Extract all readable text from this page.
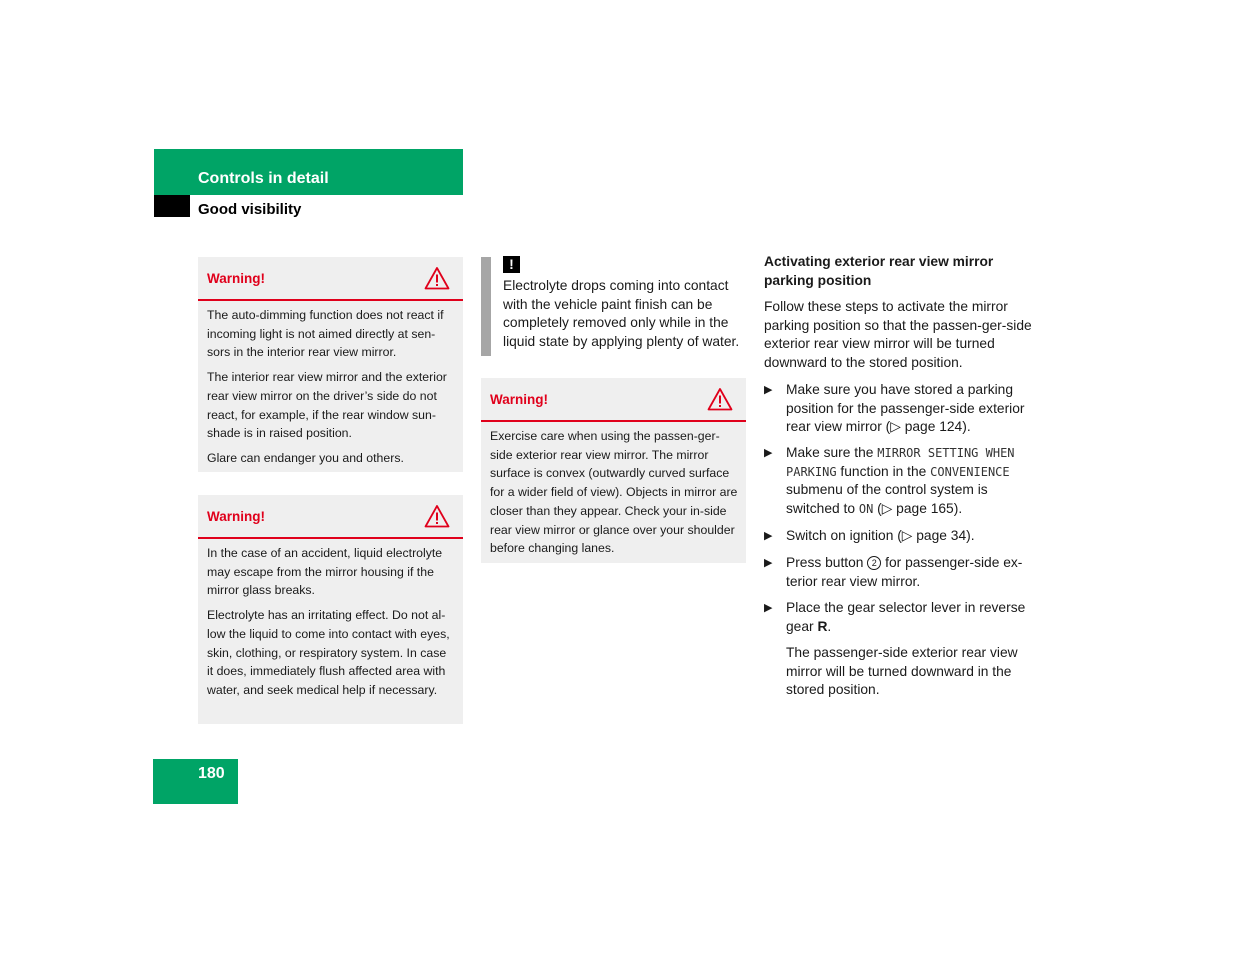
Controls in detail
Good visibility
Warning!

The auto-dimming function does not react if incoming light is not aimed directly at sen-sors in the interior rear view mirror.

The interior rear view mirror and the exterior rear view mirror on the driver’s side do not react, for example, if the rear window sun-shade is in raised position.

Glare can endanger you and others.

Warning!

In the case of an accident, liquid electrolyte may escape from the mirror housing if the mirror glass breaks.

Electrolyte has an irritating effect. Do not al-low the liquid to come into contact with eyes, skin, clothing, or respiratory system. In case it does, immediately flush affected area with water, and seek medical help if necessary.

!
Electrolyte drops coming into contact with the vehicle paint finish can be completely removed only while in the liquid state by applying plenty of water.
Warning!

Exercise care when using the passen-ger-side exterior rear view mirror. The mirror surface is convex (outwardly curved surface for a wider field of view). Objects in mirror are closer than they appear. Check your in-side rear view mirror or glance over your shoulder before changing lanes.

Activating exterior rear view mirror parking position
Follow these steps to activate the mirror parking position so that the passen-ger-side exterior rear view mirror will be turned downward to the stored position.
▶ Make sure you have stored a parking position for the passenger-side exterior rear view mirror (▷ page 124).
▶ Make sure the MIRROR SETTING WHEN PARKING function in the CONVENIENCE submenu of the control system is switched to ON (▷ page 165).
▶ Switch on ignition (▷ page 34).
▶ Press button 2 for passenger-side ex-terior rear view mirror.
▶ Place the gear selector lever in reverse gear R.
The passenger-side exterior rear view mirror will be turned downward in the stored position.
180
